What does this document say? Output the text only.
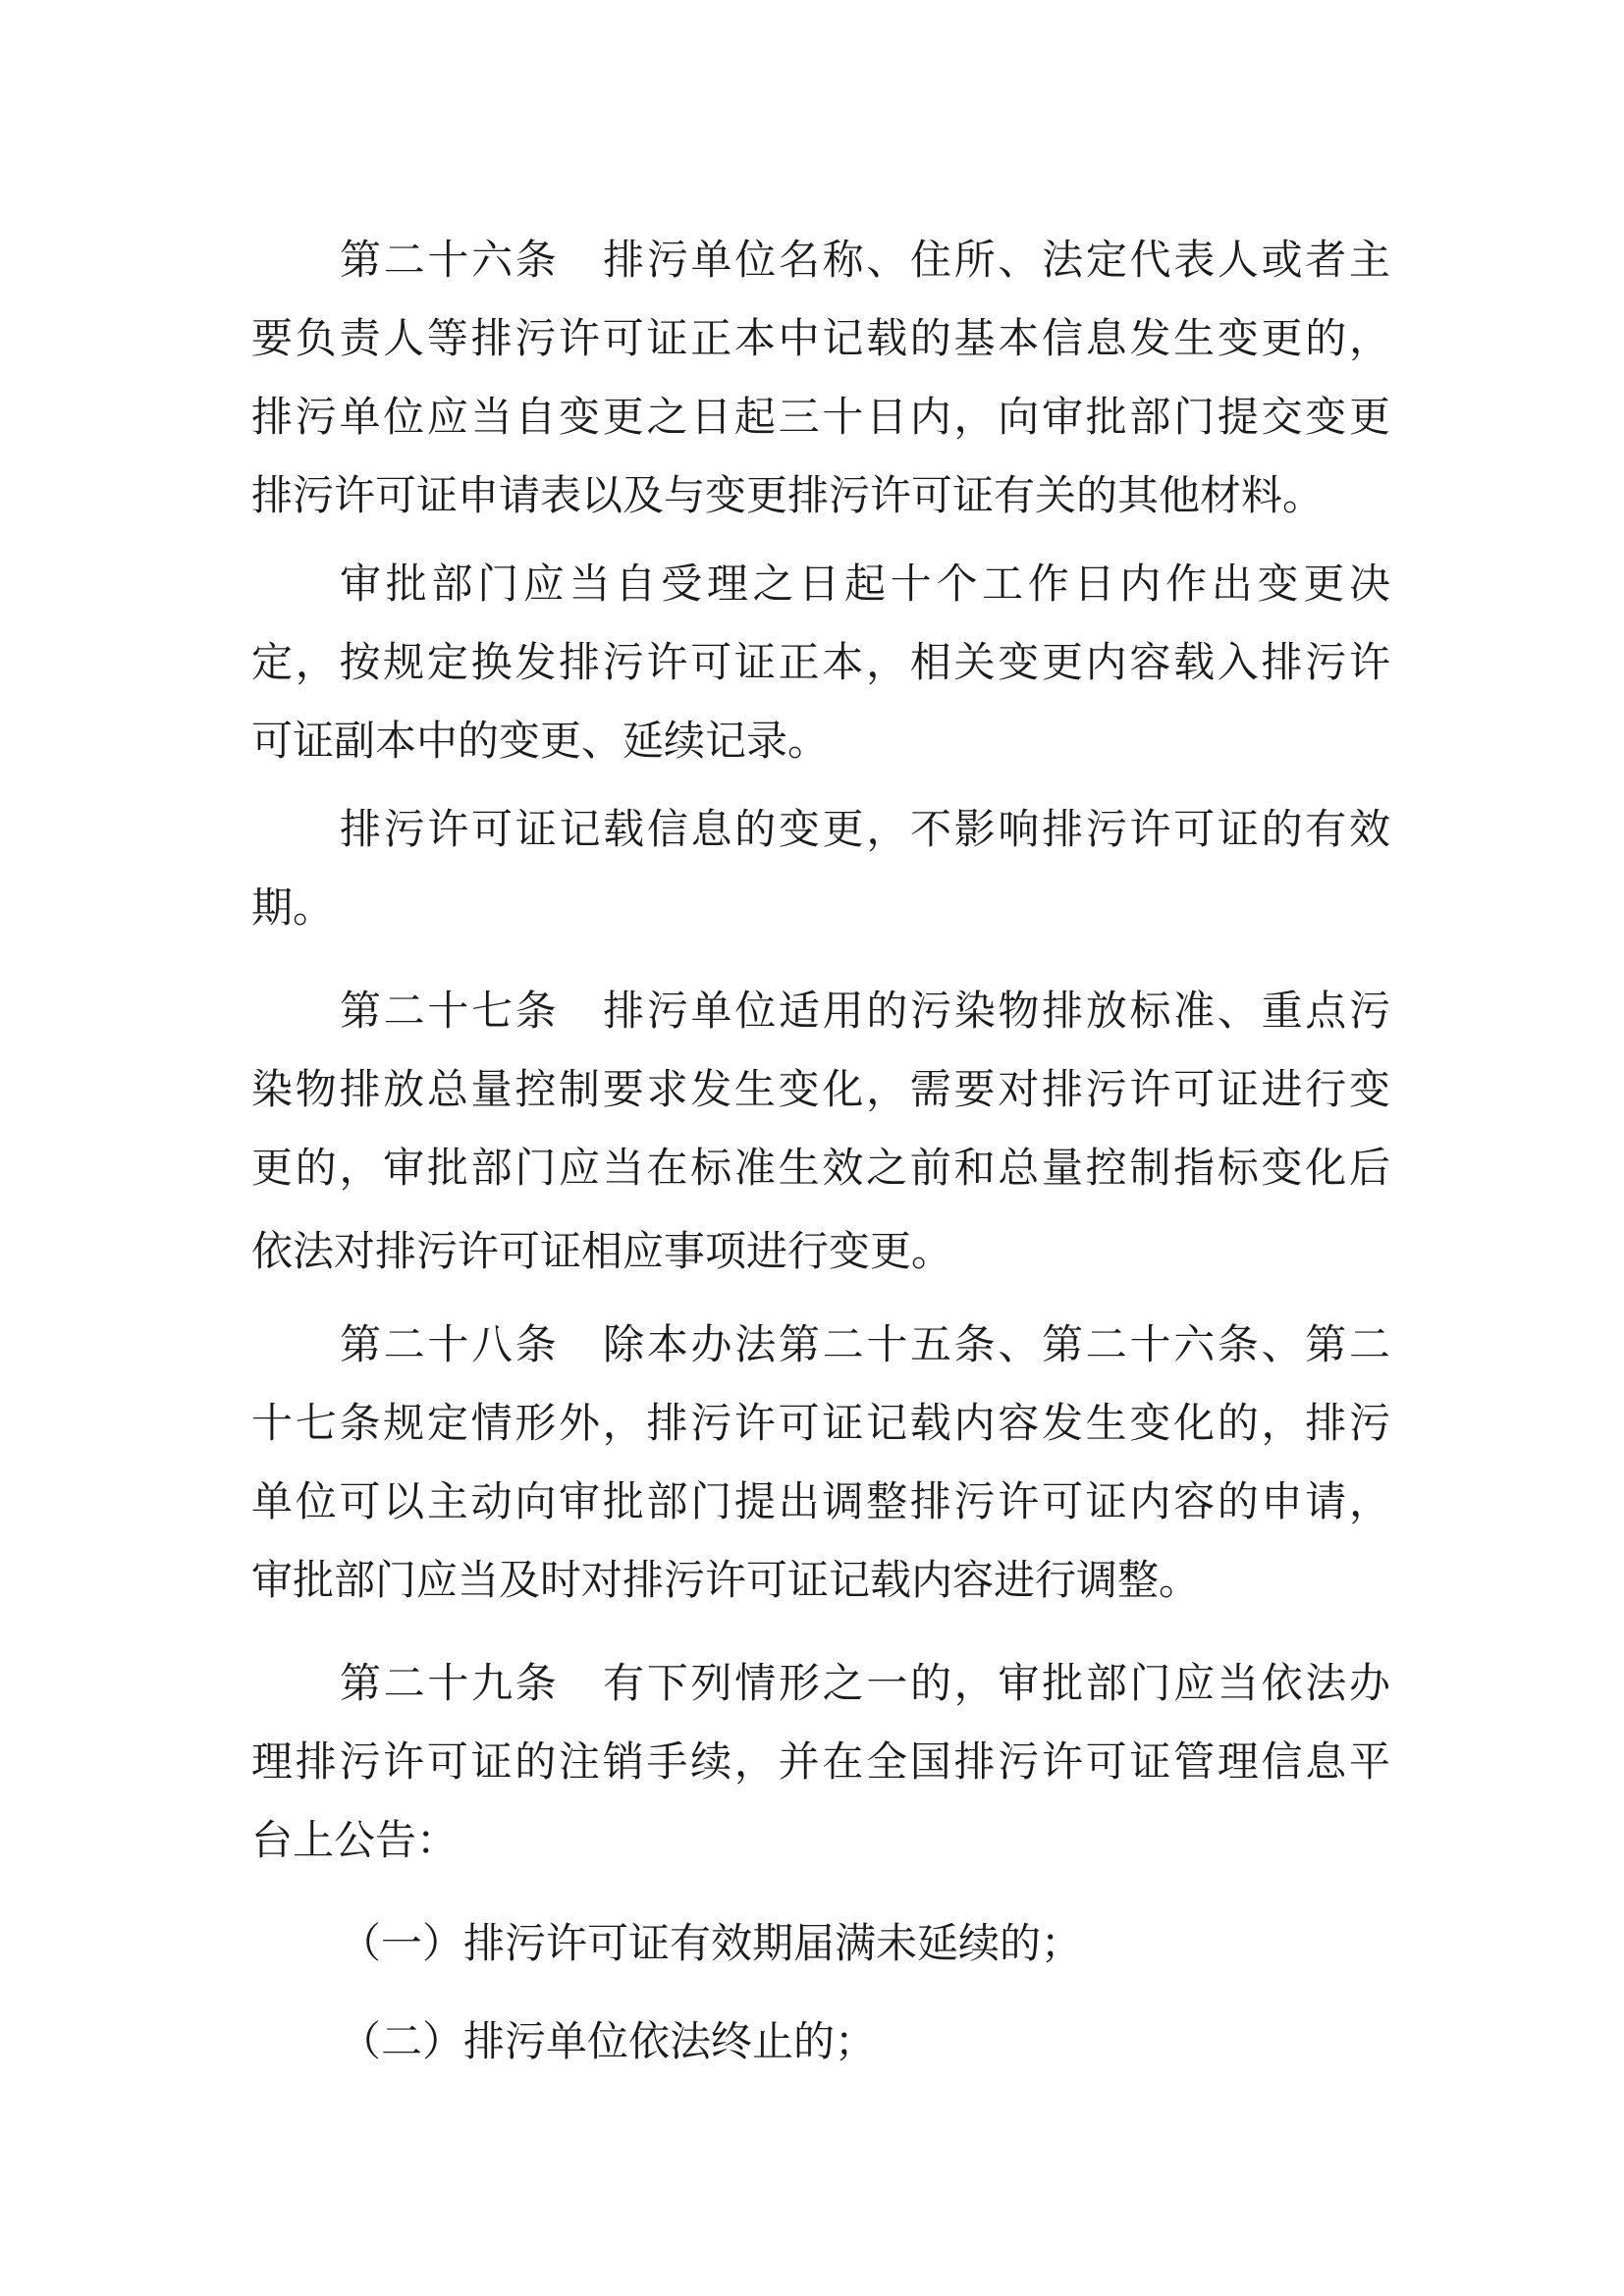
第二十六条　排污单位名称、住所、法定代表人或者主
要负责人等排污许可证正本中记载的基本信息发生变更的，
排污单位应当自变更之日起三十日内，向审批部门提交变更
排污许可证申请表以及与变更排污许可证有关的其他材料。
审批部门应当自受理之日起十个工作日内作出变更决
定，按规定换发排污许可证正本，相关变更内容载入排污许
可证副本中的变更、延续记录。
排污许可证记载信息的变更，不影响排污许可证的有效
期。
第二十七条　排污单位适用的污染物排放标准、重点污
染物排放总量控制要求发生变化，需要对排污许可证进行变
更的，审批部门应当在标准生效之前和总量控制指标变化后
依法对排污许可证相应事项进行变更。
第二十八条　除本办法第二十五条、第二十六条、第二
十七条规定情形外，排污许可证记载内容发生变化的，排污
单位可以主动向审批部门提出调整排污许可证内容的申请，
审批部门应当及时对排污许可证记载内容进行调整。
第二十九条　有下列情形之一的，审批部门应当依法办
理排污许可证的注销手续，并在全国排污许可证管理信息平
台上公告：
（一）排污许可证有效期届满未延续的；
（二）排污单位依法终止的；
